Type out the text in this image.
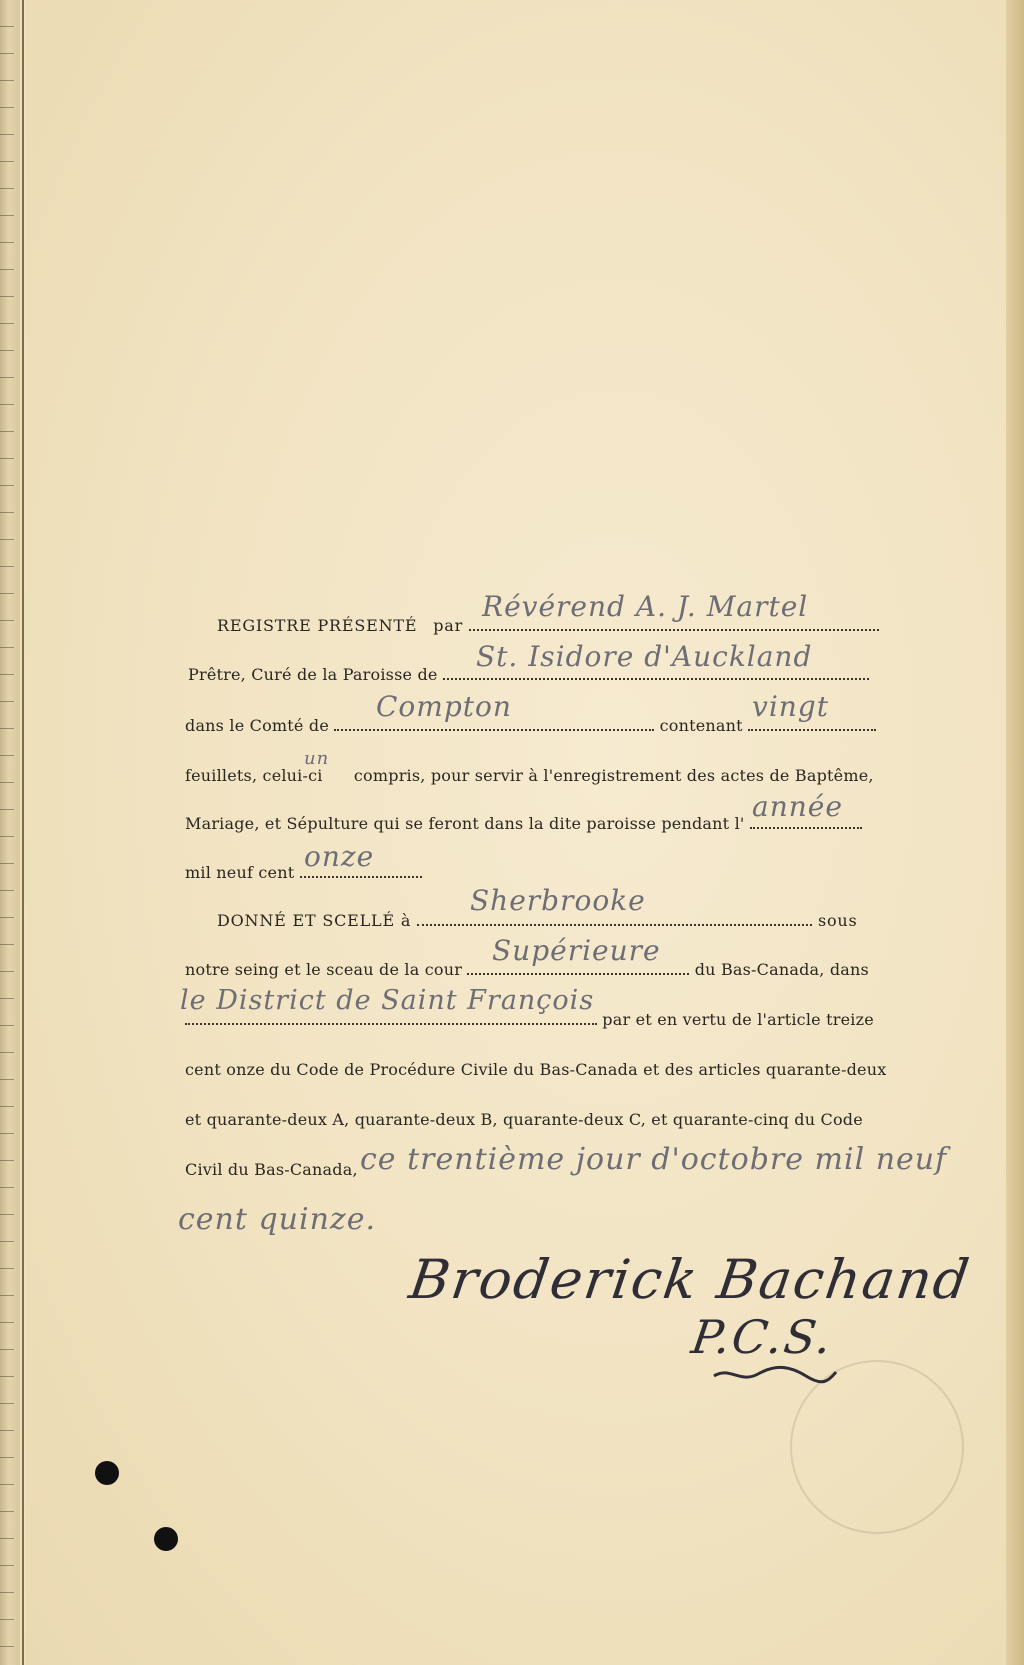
REGISTRE PRÉSENTÉ par
Révérend A. J. Martel
Prêtre, Curé de la Paroisse de
St. Isidore d'Auckland
dans le Comté de	contenant
Compton	vingt
feuillets, celui-ci compris, pour servir à l'enregistrement des actes de Baptême,
un
Mariage, et Sépulture qui se feront dans la dite paroisse pendant l'
année
mil neuf cent onze
DONNÉ ET SCELLÉ à	sous
Sherbrooke
notre seing et le sceau de la cour	du Bas-Canada, dans
Supérieure
par et en vertu de l'article treize
le District de Saint François
cent onze du Code de Procédure Civile du Bas-Canada et des articles quarante-deux
et quarante-deux A, quarante-deux B, quarante-deux C, et quarante-cinq du Code
Civil du Bas-Canada, ce trentième jour d'octobre mil neuf
cent quinze.
Broderick Bachand
P.C.S.
